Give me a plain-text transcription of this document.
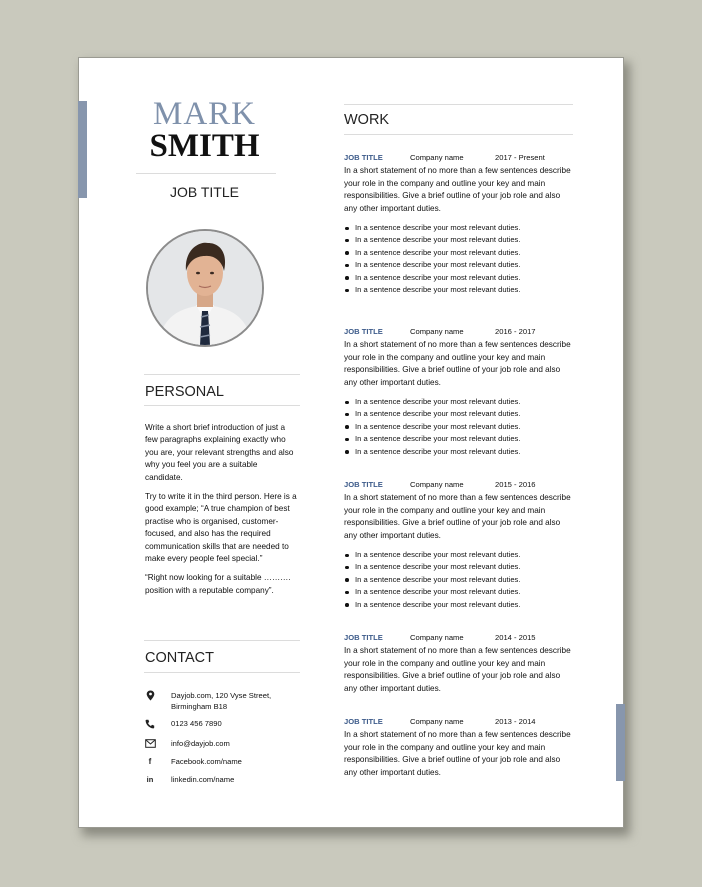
MARK
SMITH
JOB TITLE
PERSONAL

Write a short brief introduction of just a few paragraphs explaining exactly who you are, your relevant strengths and also why you feel you are a suitable candidate.

Try to write it in the third person. Here is a good example; “A true champion of best practise who is organised, customer-focused, and also has the required communication skills that are needed to make every people feel special.”

“Right now looking for a suitable ………. position with a reputable company”.

CONTACT
Dayjob.com, 120 Vyse Street, Birmingham B18
0123 456 7890
info@dayjob.com
f	Facebook.com/name
in	linkedin.com/name
WORK
JOB TITLE	Company name	2017 - Present
In a short statement of no more than a few sentences describe your role in the company and outline your key and main responsibilities. Give a brief outline of your job role and also any other important duties.
In a sentence describe your most relevant duties.
In a sentence describe your most relevant duties.
In a sentence describe your most relevant duties.
In a sentence describe your most relevant duties.
In a sentence describe your most relevant duties.
In a sentence describe your most relevant duties.
JOB TITLE	Company name	2016 - 2017
In a short statement of no more than a few sentences describe your role in the company and outline your key and main responsibilities. Give a brief outline of your job role and also any other important duties.
In a sentence describe your most relevant duties.
In a sentence describe your most relevant duties.
In a sentence describe your most relevant duties.
In a sentence describe your most relevant duties.
In a sentence describe your most relevant duties.
JOB TITLE	Company name	2015 - 2016
In a short statement of no more than a few sentences describe your role in the company and outline your key and main responsibilities. Give a brief outline of your job role and also any other important duties.
In a sentence describe your most relevant duties.
In a sentence describe your most relevant duties.
In a sentence describe your most relevant duties.
In a sentence describe your most relevant duties.
In a sentence describe your most relevant duties.
JOB TITLE	Company name	2014 - 2015
In a short statement of no more than a few sentences describe your role in the company and outline your key and main responsibilities. Give a brief outline of your job role and also any other important duties.
JOB TITLE	Company name	2013 - 2014
In a short statement of no more than a few sentences describe your role in the company and outline your key and main responsibilities. Give a brief outline of your job role and also any other important duties.
